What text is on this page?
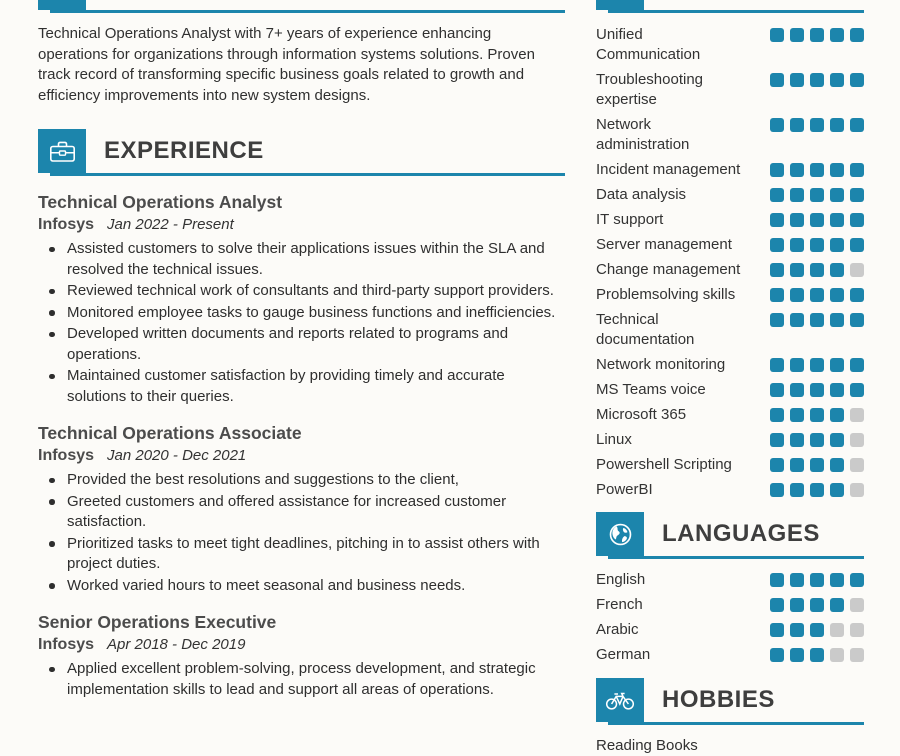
Technical Operations Analyst with 7+ years of experience enhancing operations for organizations through information systems solutions. Proven track record of transforming specific business goals related to growth and efficiency improvements into new system designs.

EXPERIENCE
Technical Operations Analyst
Infosys Jan 2022 - Present
Assisted customers to solve their applications issues within the SLA and resolved the technical issues.
Reviewed technical work of consultants and third-party support providers.
Monitored employee tasks to gauge business functions and inefficiencies.
Developed written documents and reports related to programs and operations.
Maintained customer satisfaction by providing timely and accurate solutions to their queries.
Technical Operations Associate
Infosys Jan 2020 - Dec 2021
Provided the best resolutions and suggestions to the client,
Greeted customers and offered assistance for increased customer satisfaction.
Prioritized tasks to meet tight deadlines, pitching in to assist others with project duties.
Worked varied hours to meet seasonal and business needs.
Senior Operations Executive
Infosys Apr 2018 - Dec 2019
Applied excellent problem-solving, process development, and strategic implementation skills to lead and support all areas of operations.
Unified Communication
Troubleshooting expertise
Network administration
Incident management
Data analysis
IT support
Server management
Change management
Problemsolving skills
Technical documentation
Network monitoring
MS Teams voice
Microsoft 365
Linux
Powershell Scripting
PowerBI
LANGUAGES
English
French
Arabic
German
HOBBIES
Reading Books
